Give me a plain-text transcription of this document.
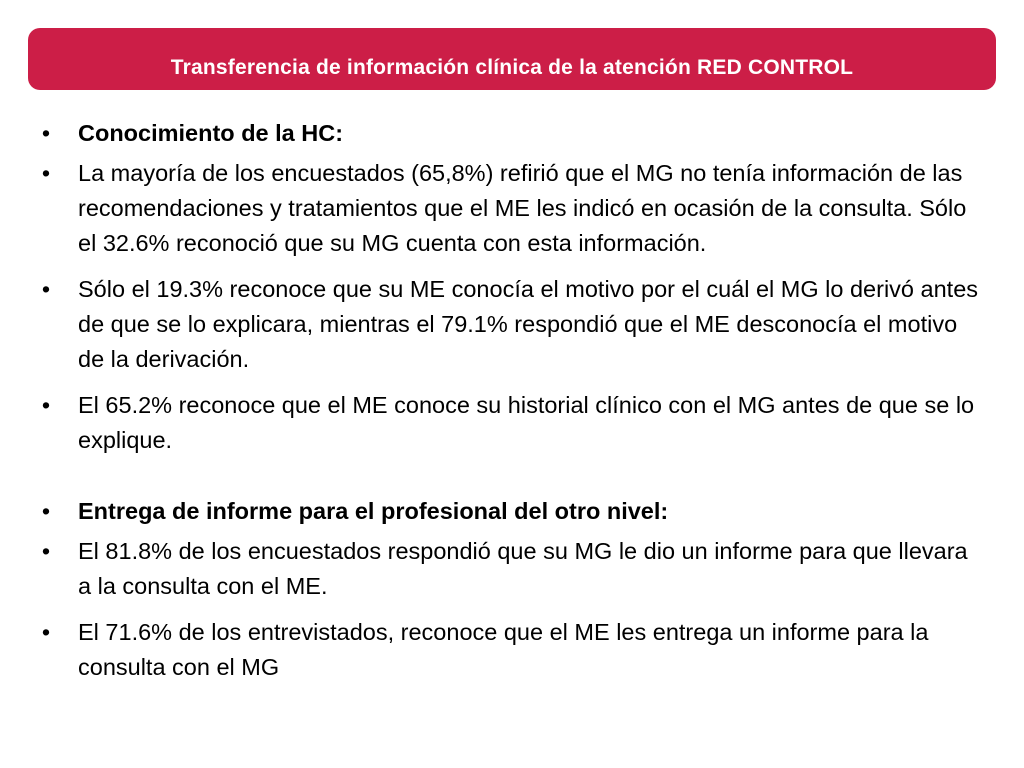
Transferencia de información clínica de la atención RED CONTROL
• Conocimiento de la HC:
• La mayoría de los encuestados (65,8%) refirió que el MG no tenía información de las recomendaciones y tratamientos que el ME les indicó en ocasión de la consulta. Sólo el 32.6% reconoció que su MG cuenta con esta información.
• Sólo el 19.3% reconoce que su ME conocía el motivo por el cuál el MG lo derivó antes de que se lo explicara, mientras el 79.1% respondió que el ME desconocía el motivo de la derivación.
• El 65.2% reconoce que el ME conoce su historial clínico con el MG antes de que se lo explique.
• Entrega de informe para el profesional del otro nivel:
• El 81.8% de los encuestados respondió que su MG le dio un informe para que llevara a la consulta con el ME.
• El 71.6% de los entrevistados, reconoce que el ME les entrega un informe para la consulta con el MG
